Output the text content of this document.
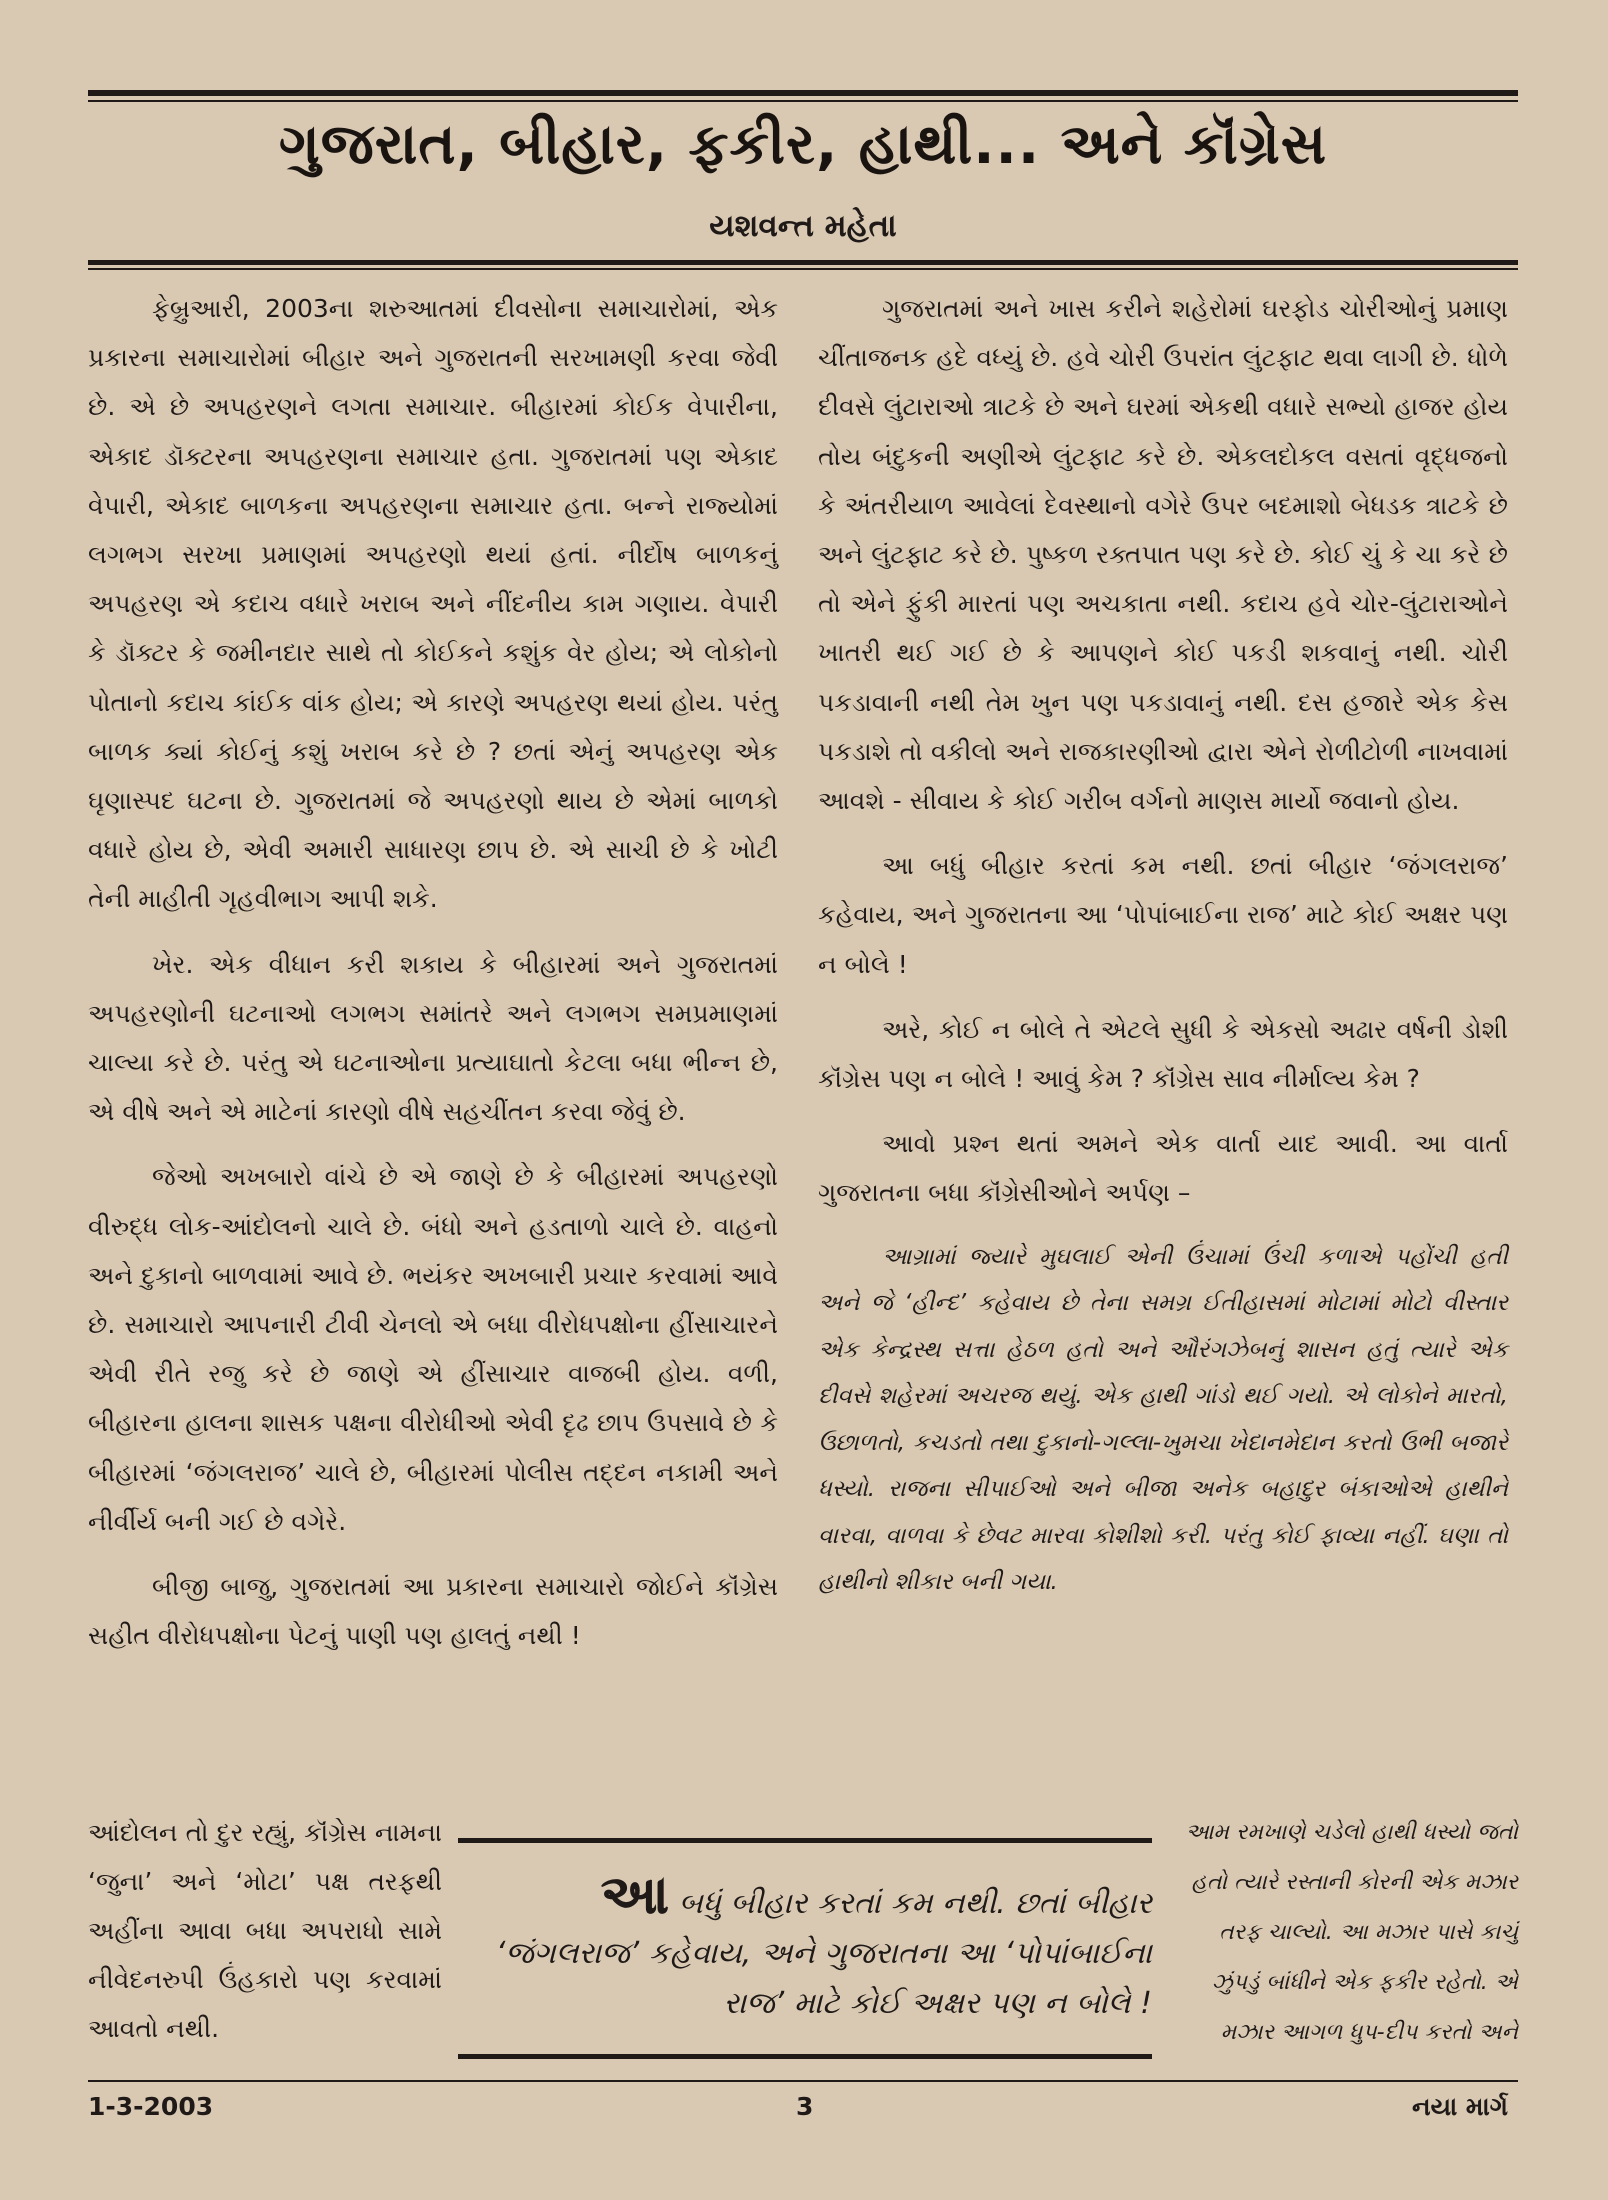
ગુજરાત, બીહાર, ફકીર, હાથી... અને કૉંગ્રેસ
યશવન્ત મહેતા

ફેબ્રુઆરી, 2003ના શરુઆતમાં દીવસોના સમાચારોમાં, એક પ્રકારના સમાચારોમાં બીહાર અને ગુજરાતની સરખામણી કરવા જેવી છે. એ છે અપહરણને લગતા સમાચાર. બીહારમાં કોઈક વેપારીના, એકાદ ડૉક્ટરના અપહરણના સમાચાર હતા. ગુજરાતમાં પણ એકાદ વેપારી, એકાદ બાળકના અપહરણના સમાચાર હતા. બન્ને રાજ્યોમાં લગભગ સરખા પ્રમાણમાં અપહરણો થયાં હતાં. નીર્દોષ બાળકનું અપહરણ એ કદાચ વધારે ખરાબ અને નીંદનીય કામ ગણાય. વેપારી કે ડૉક્ટર કે જમીનદાર સાથે તો કોઈકને કશુંક વેર હોય; એ લોકોનો પોતાનો કદાચ કાંઈક વાંક હોય; એ કારણે અપહરણ થયાં હોય. પરંતુ બાળક ક્યાં કોઈનું કશું ખરાબ કરે છે ? છતાં એનું અપહરણ એક ઘૃણાસ્પદ ઘટના છે. ગુજરાતમાં જે અપહરણો થાય છે એમાં બાળકો વધારે હોય છે, એવી અમારી સાધારણ છાપ છે. એ સાચી છે કે ખોટી તેની માહીતી ગૃહવીભાગ આપી શકે.

ખેર. એક વીધાન કરી શકાય કે બીહારમાં અને ગુજરાતમાં અપહરણોની ઘટનાઓ લગભગ સમાંતરે અને લગભગ સમપ્રમાણમાં ચાલ્યા કરે છે. પરંતુ એ ઘટનાઓના પ્રત્યાઘાતો કેટલા બધા ભીન્ન છે, એ વીષે અને એ માટેનાં કારણો વીષે સહચીંતન કરવા જેવું છે.

જેઓ અખબારો વાંચે છે એ જાણે છે કે બીહારમાં અપહરણો વીરુદ્ધ લોક-આંદોલનો ચાલે છે. બંધો અને હડતાળો ચાલે છે. વાહનો અને દુકાનો બાળવામાં આવે છે. ભયંકર અખબારી પ્રચાર કરવામાં આવે છે. સમાચારો આપનારી ટીવી ચેનલો એ બધા વીરોધપક્ષોના હીંસાચારને એવી રીતે રજુ કરે છે જાણે એ હીંસાચાર વાજબી હોય. વળી, બીહારના હાલના શાસક પક્ષના વીરોધીઓ એવી દૃઢ છાપ ઉપસાવે છે કે બીહારમાં ‘જંગલરાજ’ ચાલે છે, બીહારમાં પોલીસ તદ્દન નકામી અને નીર્વીર્ય બની ગઈ છે વગેરે.

બીજી બાજુ, ગુજરાતમાં આ પ્રકારના સમાચારો જોઈને કૉંગ્રેસ સહીત વીરોધપક્ષોના પેટનું પાણી પણ હાલતું નથી !

ગુજરાતમાં અને ખાસ કરીને શહેરોમાં ઘરફોડ ચોરીઓનું પ્રમાણ ચીંતાજનક હદે વધ્યું છે. હવે ચોરી ઉપરાંત લુંટફાટ થવા લાગી છે. ધોળે દીવસે લુંટારાઓ ત્રાટકે છે અને ઘરમાં એકથી વધારે સભ્યો હાજર હોય તોય બંદુકની અણીએ લુંટફાટ કરે છે. એકલદોકલ વસતાં વૃદ્ધજનો કે અંતરીયાળ આવેલાં દેવસ્થાનો વગેરે ઉપર બદમાશો બેધડક ત્રાટકે છે અને લુંટફાટ કરે છે. પુષ્કળ રક્તપાત પણ કરે છે. કોઈ ચું કે ચા કરે છે તો એને ફુંકી મારતાં પણ અચકાતા નથી. કદાચ હવે ચોર-લુંટારાઓને ખાતરી થઈ ગઈ છે કે આપણને કોઈ પકડી શકવાનું નથી. ચોરી પકડાવાની નથી તેમ ખુન પણ પકડાવાનું નથી. દસ હજારે એક કેસ પકડાશે તો વકીલો અને રાજકારણીઓ દ્વારા એને રોળીટોળી નાખવામાં આવશે - સીવાય કે કોઈ ગરીબ વર્ગનો માણસ માર્યો જવાનો હોય.

આ બધું બીહાર કરતાં કમ નથી. છતાં બીહાર ‘જંગલરાજ’ કહેવાય, અને ગુજરાતના આ ‘પોપાંબાઈના રાજ’ માટે કોઈ અક્ષર પણ ન બોલે !

અરે, કોઈ ન બોલે તે એટલે સુધી કે એકસો અઢાર વર્ષની ડોશી કૉંગ્રેસ પણ ન બોલે ! આવું કેમ ? કૉંગ્રેસ સાવ નીર્માલ્ય કેમ ?

આવો પ્રશ્ન થતાં અમને એક વાર્તા યાદ આવી. આ વાર્તા ગુજરાતના બધા કૉંગ્રેસીઓને અર્પણ –

આગ્રામાં જ્યારે મુઘલાઈ એની ઉંચામાં ઉંચી કળાએ પહોંચી હતી અને જે ‘હીન્દ’ કહેવાય છે તેના સમગ્ર ઈતીહાસમાં મોટામાં મોટો વીસ્તાર એક કેન્દ્રસ્થ સત્તા હેઠળ હતો અને ઔરંગઝેબનું શાસન હતું ત્યારે એક દીવસે શહેરમાં અચરજ થયું. એક હાથી ગાંડો થઈ ગયો. એ લોકોને મારતો, ઉછાળતો, કચડતો તથા દુકાનો-ગલ્લા-ખુમચા ખેદાનમેદાન કરતો ઉભી બજારે ધસ્યો. રાજના સીપાઈઓ અને બીજા અનેક બહાદુર બંકાઓએ હાથીને વારવા, વાળવા કે છેવટ મારવા કોશીશો કરી. પરંતુ કોઈ ફાવ્યા નહીં. ઘણા તો હાથીનો શીકાર બની ગયા.

આંદોલન તો દુર રહ્યું, કૉંગ્રેસ નામના ‘જુના’ અને ‘મોટા’ પક્ષ તરફથી અહીંના આવા બધા અપરાધો સામે નીવેદનરુપી ઉંહકારો પણ કરવામાં આવતો નથી.
આ બધું બીહાર કરતાં કમ નથી. છતાં બીહાર ‘જંગલરાજ’ કહેવાય, અને ગુજરાતના આ ‘પોપાંબાઈના રાજ’ માટે કોઈ અક્ષર પણ ન બોલે !
આમ રમખાણે ચડેલો હાથી ધસ્યો જતો હતો ત્યારે રસ્તાની કોરની એક મઝાર તરફ ચાલ્યો. આ મઝાર પાસે કાચું ઝુંપડું બાંધીને એક ફકીર રહેતો. એ મઝાર આગળ ધુપ-દીપ કરતો અને
1-3-2003	3	નયા માર્ગ
